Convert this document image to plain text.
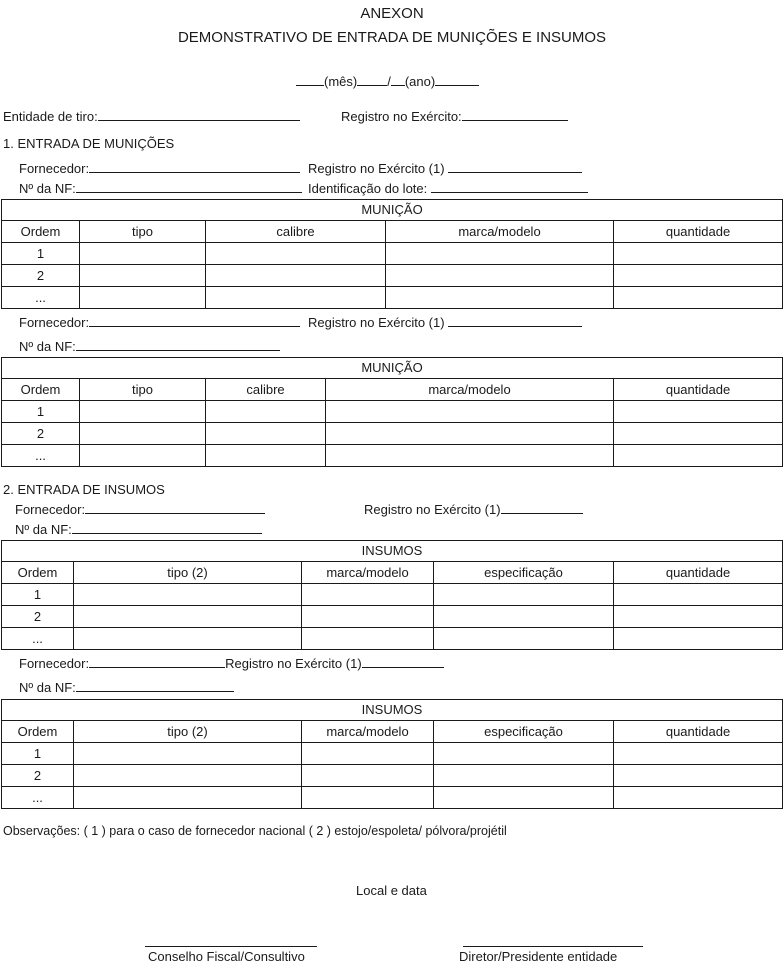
ANEXON
DEMONSTRATIVO DE ENTRADA DE MUNIÇÕES E INSUMOS
(mês) / (ano)
Entidade de tiro:	Registro no Exército:
1. ENTRADA DE MUNIÇÕES
Fornecedor:	Registro no Exército (1)
Nº da NF:	Identificação do lote:
MUNIÇÃO				
Ordem	tipo	calibre	marca/modelo	quantidade
1				
2				
...				
Fornecedor:	Registro no Exército (1)
Nº da NF:
MUNIÇÃO				
Ordem	tipo	calibre	marca/modelo	quantidade
1				
2				
...				
2. ENTRADA DE INSUMOS
Fornecedor:	Registro no Exército (1)
Nº da NF:
INSUMOS				
Ordem	tipo (2)	marca/modelo	especificação	quantidade
1				
2				
...				
Fornecedor:	Registro no Exército (1)
Nº da NF:
INSUMOS				
Ordem	tipo (2)	marca/modelo	especificação	quantidade
1				
2				
...				
Observações: ( 1 ) para o caso de fornecedor nacional ( 2 ) estojo/espoleta/ pólvora/projétil
Local e data
Conselho Fiscal/Consultivo	Diretor/Presidente entidade
